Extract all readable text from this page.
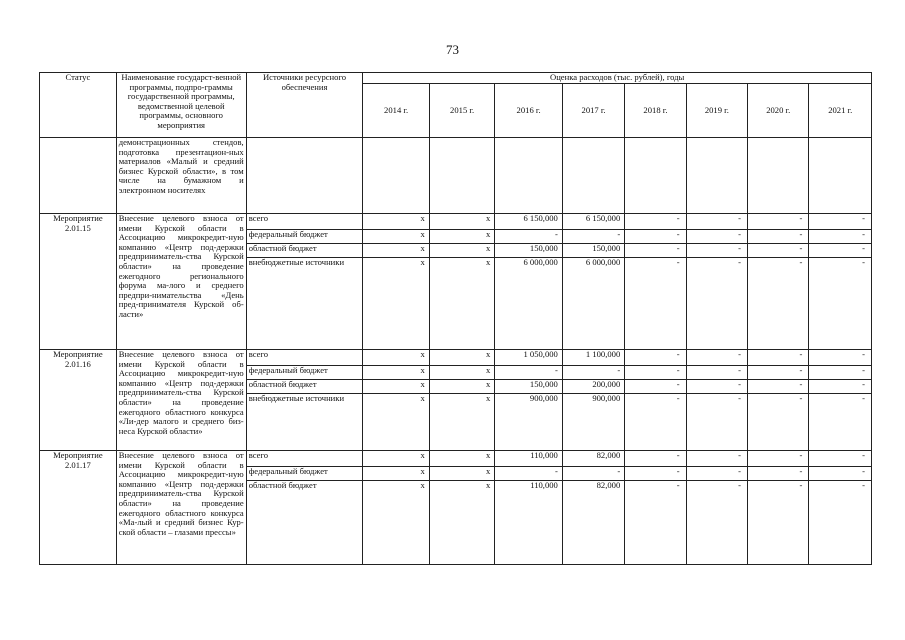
73
Статус	Наименование государст-венной программы, подпро-граммы государственной программы, ведомственной целевой программы, основного мероприятия	Источники ресурсного обеспечения	Оценка расходов (тыс. рублей), годы							
			2014 г.	2015 г.	2016 г.	2017 г.	2018 г.	2019 г.	2020 г.	2021 г.
	демонстрационных стендов, подготовка презентацион-ных материалов «Малый и средний бизнес Курской области», в том числе на бумажном и электронном носителях									
Мероприятие 2.01.15	Внесение целевого взноса от имени Курской области в Ассоциацию микрокредит-ную компанию «Центр под-держки предприниматель-ства Курской области» на проведение ежегодного регионального форума ма-лого и среднего предпри-нимательства «День пред-принимателя Курской об-ласти»	всего	x	x	6 150,000	6 150,000	-	-	-	-
		федеральный бюджет	x	x	-	-	-	-	-	-
		областной бюджет	x	x	150,000	150,000	-	-	-	-
		внебюджетные источники	x	x	6 000,000	6 000,000	-	-	-	-
Мероприятие 2.01.16	Внесение целевого взноса от имени Курской области в Ассоциацию микрокредит-ную компанию «Центр под-держки предприниматель-ства Курской области» на проведение ежегодного областного конкурса «Ли-дер малого и среднего биз-неса Курской области»	всего	x	x	1 050,000	1 100,000	-	-	-	-
		федеральный бюджет	x	x	-	-	-	-	-	-
		областной бюджет	x	x	150,000	200,000	-	-	-	-
		внебюджетные источники	x	x	900,000	900,000	-	-	-	-
Мероприятие 2.01.17	Внесение целевого взноса от имени Курской области в Ассоциацию микрокредит-ную компанию «Центр под-держки предприниматель-ства Курской области» на проведение ежегодного областного конкурса «Ма-лый и средний бизнес Кур-ской области – глазами прессы»	всего	x	x	110,000	82,000	-	-	-	-
		федеральный бюджет	x	x	-	-	-	-	-	-
		областной бюджет	x	x	110,000	82,000	-	-	-	-
